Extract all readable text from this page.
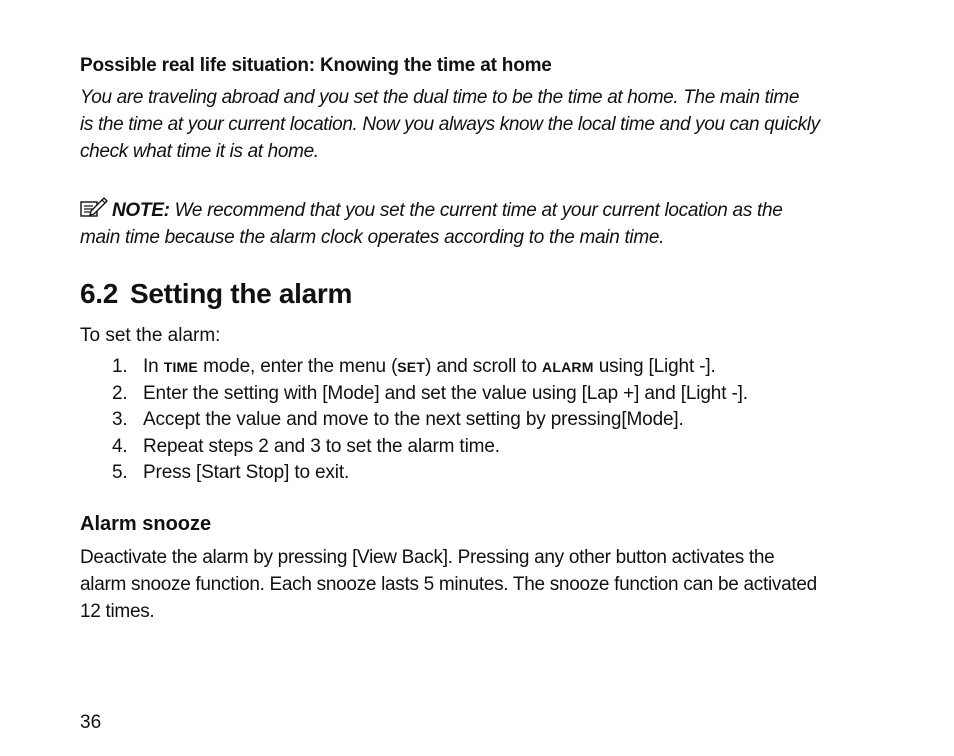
Possible real life situation: Knowing the time at home
You are traveling abroad and you set the dual time to be the time at home. The main time
is the time at your current location. Now you always know the local time and you can quickly
check what time it is at home.
NOTE: We recommend that you set the current time at your current location as the
main time because the alarm clock operates according to the main time.
6.2 Setting the alarm
To set the alarm:
1. In TIME mode, enter the menu (SET) and scroll to ALARM using [Light -].
2. Enter the setting with [Mode] and set the value using [Lap +] and [Light -].
3. Accept the value and move to the next setting by pressing[Mode].
4. Repeat steps 2 and 3 to set the alarm time.
5. Press [Start Stop] to exit.
Alarm snooze
Deactivate the alarm by pressing [View Back]. Pressing any other button activates the
alarm snooze function. Each snooze lasts 5 minutes. The snooze function can be activated
12 times.
36
